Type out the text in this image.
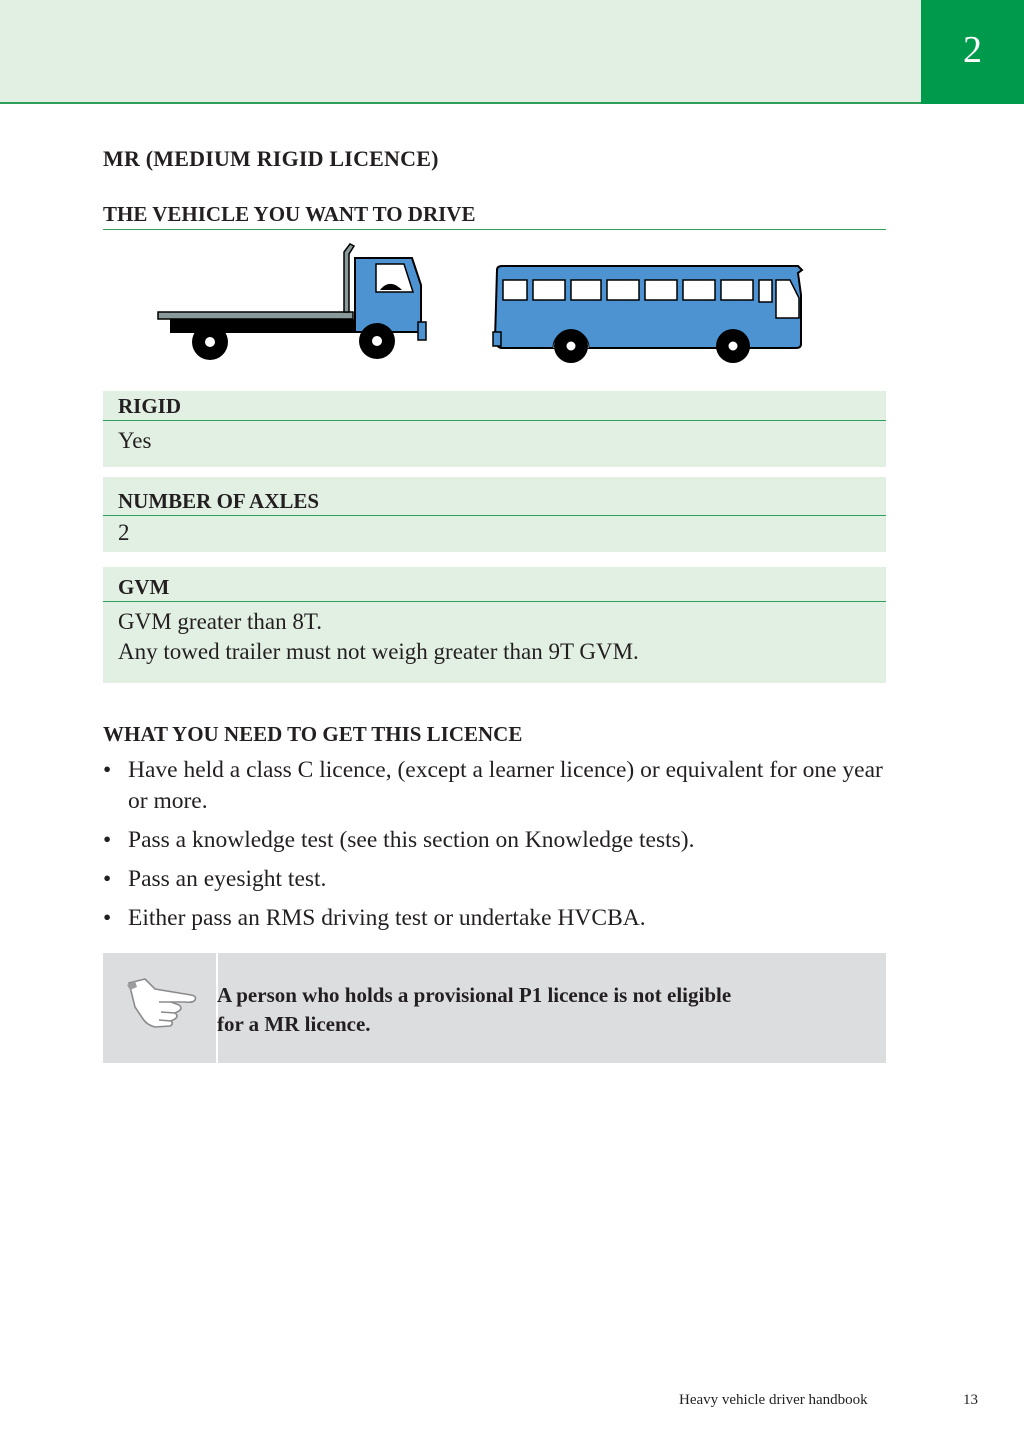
2
MR (MEDIUM RIGID LICENCE)
THE VEHICLE YOU WANT TO DRIVE
RIGID
Yes
NUMBER OF AXLES
2
GVM
GVM greater than 8T.
Any towed trailer must not weigh greater than 9T GVM.
WHAT YOU NEED TO GET THIS LICENCE
• Have held a class C licence, (except a learner licence) or equivalent for one year or more.
• Pass a knowledge test (see this section on Knowledge tests).
• Pass an eyesight test.
• Either pass an RMS driving test or undertake HVCBA.
A person who holds a provisional P1 licence is not eligible
for a MR licence.
Heavy vehicle driver handbook	13
